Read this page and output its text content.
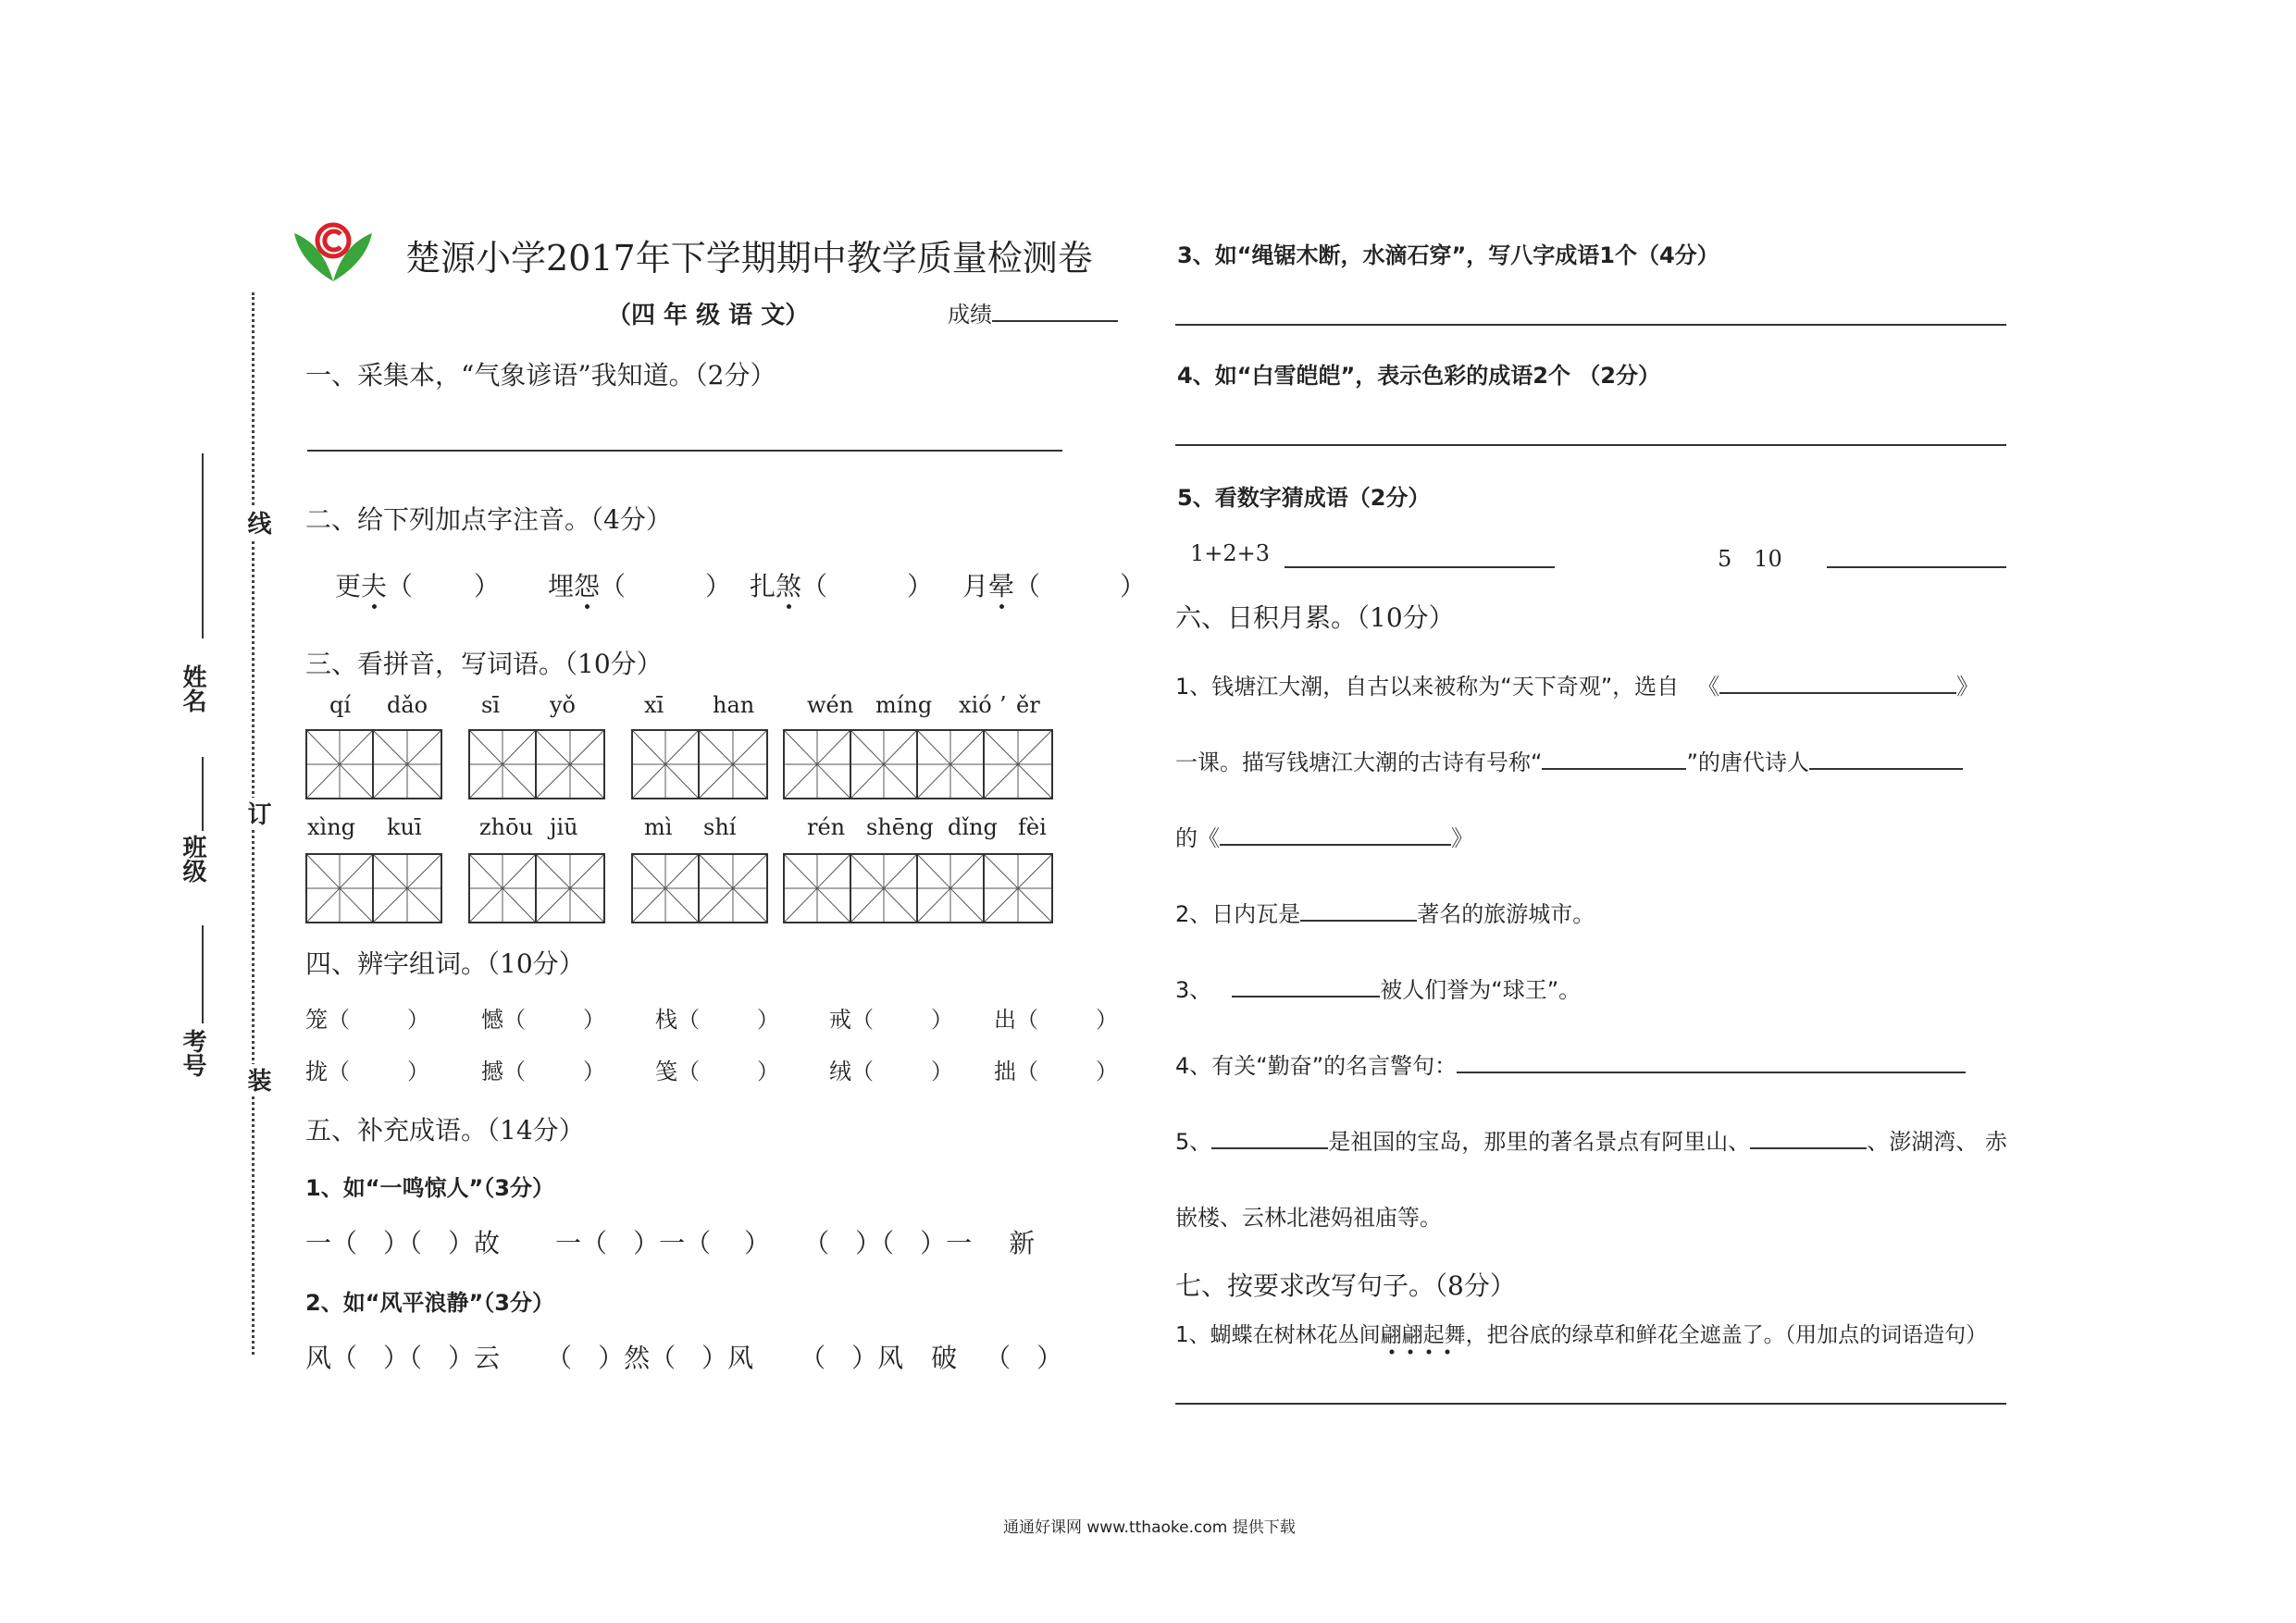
线
订
装
姓名
班级
考号
楚源小学2017年下学期期中教学质量检测卷
（四 年 级 语 文）	成绩
一、采集本，“气象谚语”我知道。（2分）
二、给下列加点字注音。（4分）
更夫（ ） 埋怨（	） 扎煞（	） 月晕（	）
三、看拼音，写词语。（10分）
qí dǎo sī yǒ	xī han wén míng xió ’ ěr
xìng kuī	zhōu jiū	mì shí	rén shēng dǐng fèi
四、辨字组词。（10分）
笼（	） 憾（	） 栈（	） 戒（	） 出（	）
拢（	） 撼（	） 笺（	） 绒（	） 拙（	）
五、补充成语。（14分）
1、如“一鸣惊人”（3分）
一（ ）（ ）故 一（ ）一（ ） （ ）（ ）一 新
2、如“风平浪静”（3分）
风（ ）（ ）云 （ ）然（ ）风 （ ）风 破 （ ）
3、如“绳锯木断，水滴石穿”，写八字成语1个（4分）
4、如“白雪皑皑”，表示色彩的成语2个 （2分）
5、看数字猜成语（2分）
1+2+3	5　10
六、日积月累。（10分）
1、钱塘江大潮，自古以来被称为“天下奇观”，选自 《	》
一课。描写钱塘江大潮的古诗有号称“	”的唐代诗人
的《	》
2、日内瓦是	著名的旅游城市。
3、	被人们誉为“球王”。
4、有关“勤奋”的名言警句：
5、	是祖国的宝岛，那里的著名景点有阿里山、	、澎湖湾、 赤
嵌楼、云林北港妈祖庙等。
七、按要求改写句子。（8分）
1、蝴蝶在树林花丛间翩翩起舞，把谷底的绿草和鲜花全遮盖了。（用加点的词语造句）
通通好课网 www.tthaoke.com 提供下载
